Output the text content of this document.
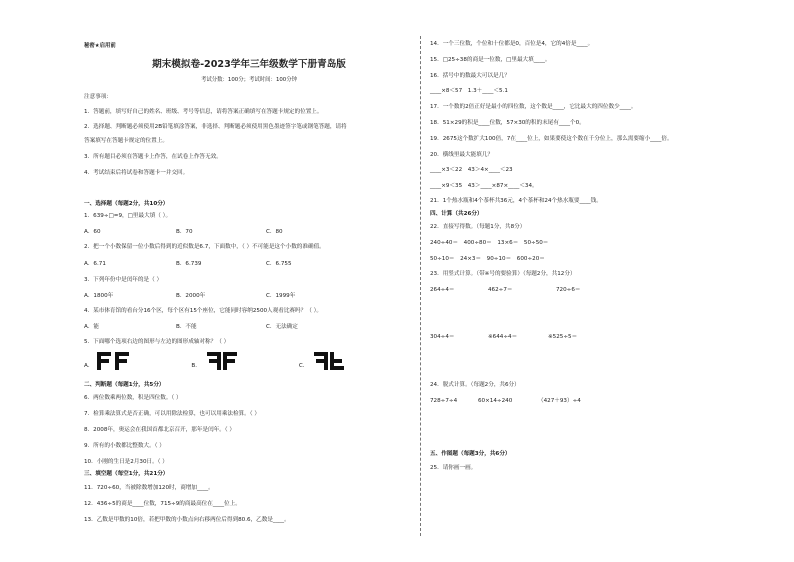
秘密★启用前
期末模拟卷-2023学年三年级数学下册青岛版
考试分数：100分；考试时间：100分钟
注意事项：
1．答题前，填写好自己的姓名、班级、考号等信息，请将答案正确填写在答题卡规定的位置上。
2．选择题、判断题必须使用2B铅笔填涂答案，非选择、判断题必须使用黑色墨迹签字笔或钢笔答题，请将
答案填写在答题卡规定的位置上。
3．所有题目必须在答题卡上作答，在试卷上作答无效。
4．考试结束后将试卷和答题卡一并交回。
一、选择题（每题2分，共10分）
1．639÷□=9，□里最大填（ ）。
A．60	B．70	C．80
2．把一个小数保留一位小数后得到的近似数是6.7，下面数中，（ ）不可能是这个小数的准确值。
A．6.71	B．6.739	C．6.755
3．下列年份中是闰年的是（ ）
A．1800年	B．2000年	C．1999年
4．某市体育馆的看台分16个区，每个区有15个座位，它能同时容纳2500人观看比赛吗？（ ）。
A．能	B．不能	C．无法确定
5．下面哪个选项右边的图形与左边的图形成轴对称？（ ）
A．	B．	C．
二、判断题（每题1分，共5分）
6．两位数乘两位数，积是四位数。（ ）
7．检算乘法算式是否正确，可以用除法检算，也可以用乘法检算。（ ）
8．2008年，奥运会在我国首都北京召开，那年是闰年。（ ）
9．所有的小数都比整数大。（ ）
10．小刚的生日是2月30日。（ ）
三、填空题（每空1分，共21分）
11．720÷60，当被除数增加120时，商增加____。
12．436÷5的商是____位数，715÷9的商最高位在____位上。
13．乙数是甲数的10倍，若把甲数的小数点向右移两位后得到80.6，乙数是____。
14．一个三位数，个位和十位都是0，百位是4，它的4倍是____。
15．□25÷38的商是一位数，□里最大填____。
16．括号中的数最大可以是几？
____×8＜57　1.3＋____＜5.1
17．一个数的2倍正好是最小的四位数，这个数是____，它比最大的四位数少____。
18．51×29的积是____位数，57×30的积的末尾有____个0。
19．2675这个数扩大100倍，7在____位上，如果要使这个数在千分位上，那么需要缩小____倍。
20．横线里最大能填几？
____×3＜22　43＞4×____＜23
____×9＜35　43＞____×87×____＜34。
21．1个热水瓶和4个茶杯共36元，4个茶杯和24个热水瓶要____钱。
四、计算（共26分）
22．直接写得数。（每题1分，共8分）
240÷40＝　400÷80＝　13×6＝　50÷50＝
50÷10＝　24×3＝　90÷10＝　600÷20＝
23．用竖式计算。（带※号的要验算）（每题2分，共12分）
264÷4＝	462÷7＝	720÷6＝
304÷4＝	※644÷4＝	※525÷5＝
24．脱式计算。（每题2分，共6分）
728÷7÷4	60×14÷240	（427＋93）÷4
五、作图题（每题3分，共6分）
25．请你画一画。
